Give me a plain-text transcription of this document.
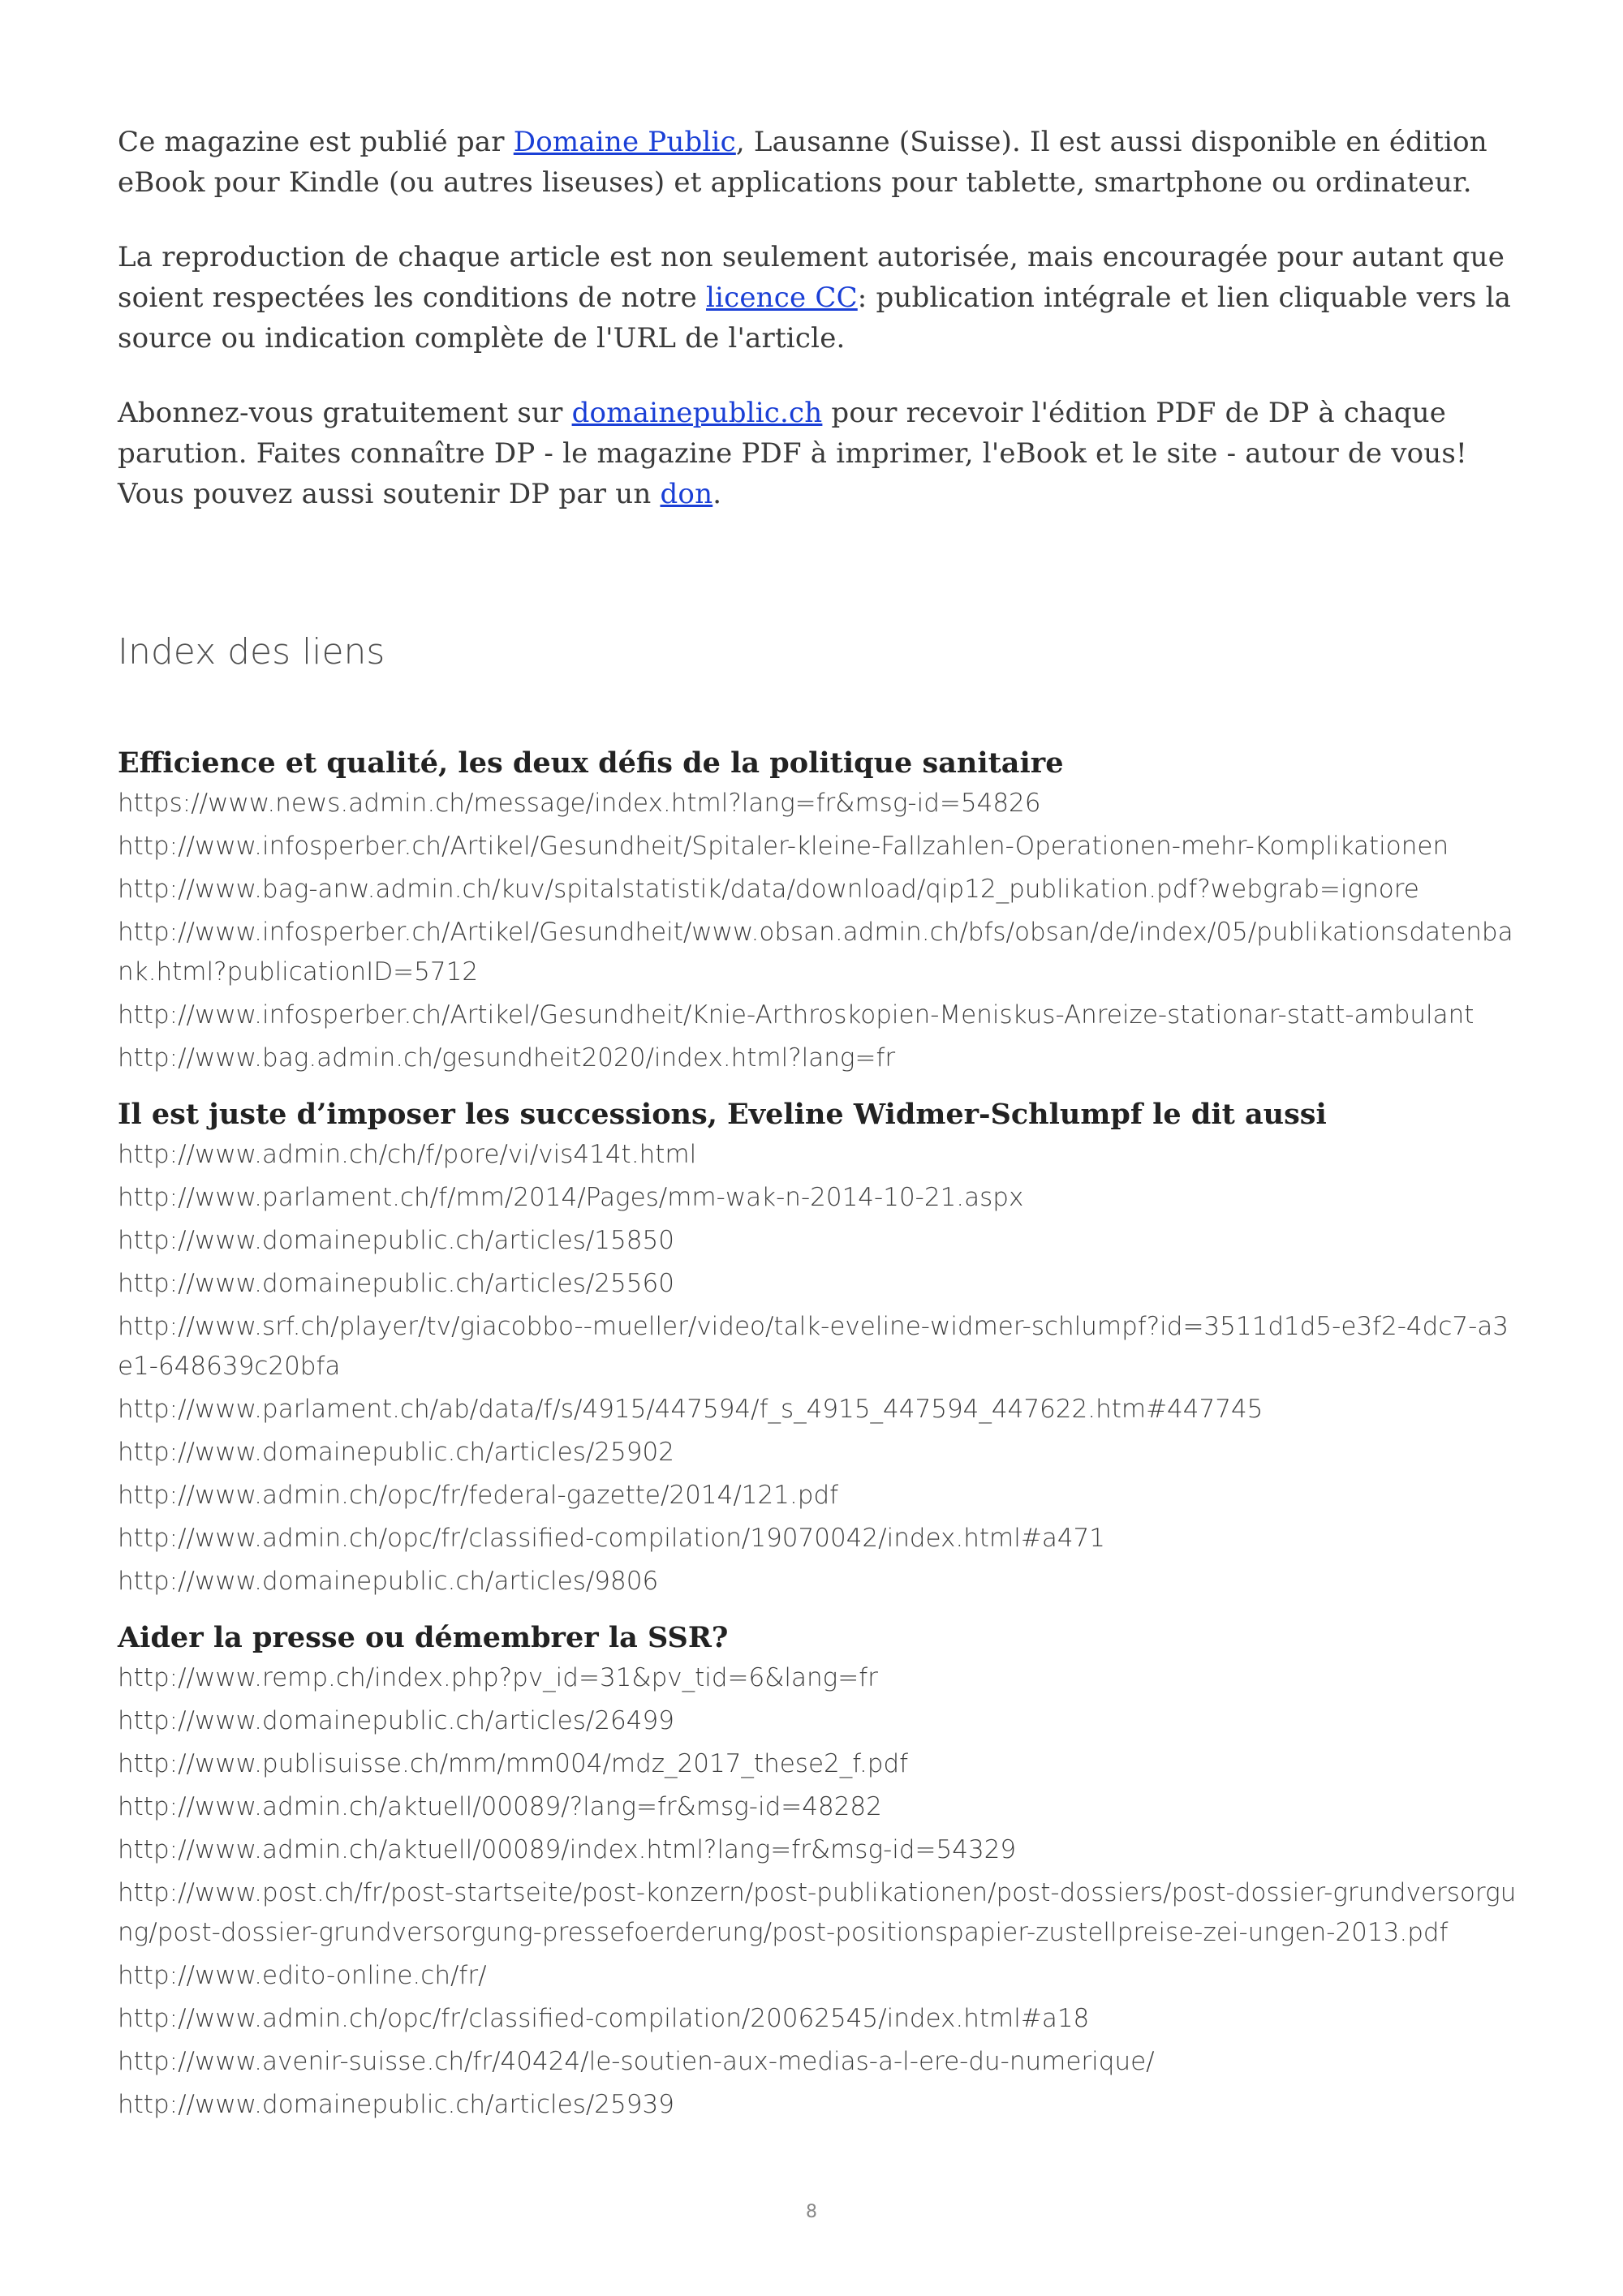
Ce magazine est publié par Domaine Public, Lausanne (Suisse). Il est aussi disponible en édition eBook pour Kindle (ou autres liseuses) et applications pour tablette, smartphone ou ordinateur.

La reproduction de chaque article est non seulement autorisée, mais encouragée pour autant que soient respectées les conditions de notre licence CC: publication intégrale et lien cliquable vers la source ou indication complète de l'URL de l'article.

Abonnez-vous gratuitement sur domainepublic.ch pour recevoir l'édition PDF de DP à chaque parution. Faites connaître DP - le magazine PDF à imprimer, l'eBook et le site - autour de vous! Vous pouvez aussi soutenir DP par un don.

Index des liens
Efficience et qualité, les deux défis de la politique sanitaire
https://www.news.admin.ch/message/index.html?lang=fr&msg-id=54826
http://www.infosperber.ch/Artikel/Gesundheit/Spitaler-kleine-Fallzahlen-Operationen-mehr-Komplikationen
http://www.bag-anw.admin.ch/kuv/spitalstatistik/data/download/qip12_publikation.pdf?webgrab=ignore
http://www.infosperber.ch/Artikel/Gesundheit/www.obsan.admin.ch/bfs/obsan/de/index/05/publikationsdatenbank.html?publicationID=5712
http://www.infosperber.ch/Artikel/Gesundheit/Knie-Arthroskopien-Meniskus-Anreize-stationar-statt-ambulant
http://www.bag.admin.ch/gesundheit2020/index.html?lang=fr
Il est juste d’imposer les successions, Eveline Widmer-Schlumpf le dit aussi
http://www.admin.ch/ch/f/pore/vi/vis414t.html
http://www.parlament.ch/f/mm/2014/Pages/mm-wak-n-2014-10-21.aspx
http://www.domainepublic.ch/articles/15850
http://www.domainepublic.ch/articles/25560
http://www.srf.ch/player/tv/giacobbo--mueller/video/talk-eveline-widmer-schlumpf?id=3511d1d5-e3f2-4dc7-a3e1-648639c20bfa
http://www.parlament.ch/ab/data/f/s/4915/447594/f_s_4915_447594_447622.htm#447745
http://www.domainepublic.ch/articles/25902
http://www.admin.ch/opc/fr/federal-gazette/2014/121.pdf
http://www.admin.ch/opc/fr/classified-compilation/19070042/index.html#a471
http://www.domainepublic.ch/articles/9806
Aider la presse ou démembrer la SSR?
http://www.remp.ch/index.php?pv_id=31&pv_tid=6&lang=fr
http://www.domainepublic.ch/articles/26499
http://www.publisuisse.ch/mm/mm004/mdz_2017_these2_f.pdf
http://www.admin.ch/aktuell/00089/?lang=fr&msg-id=48282
http://www.admin.ch/aktuell/00089/index.html?lang=fr&msg-id=54329
http://www.post.ch/fr/post-startseite/post-konzern/post-publikationen/post-dossiers/post-dossier-grundversorgung/post-dossier-grundversorgung-pressefoerderung/post-positionspapier-zustellpreise-zei-ungen-2013.pdf
http://www.edito-online.ch/fr/
http://www.admin.ch/opc/fr/classified-compilation/20062545/index.html#a18
http://www.avenir-suisse.ch/fr/40424/le-soutien-aux-medias-a-l-ere-du-numerique/
http://www.domainepublic.ch/articles/25939
8
